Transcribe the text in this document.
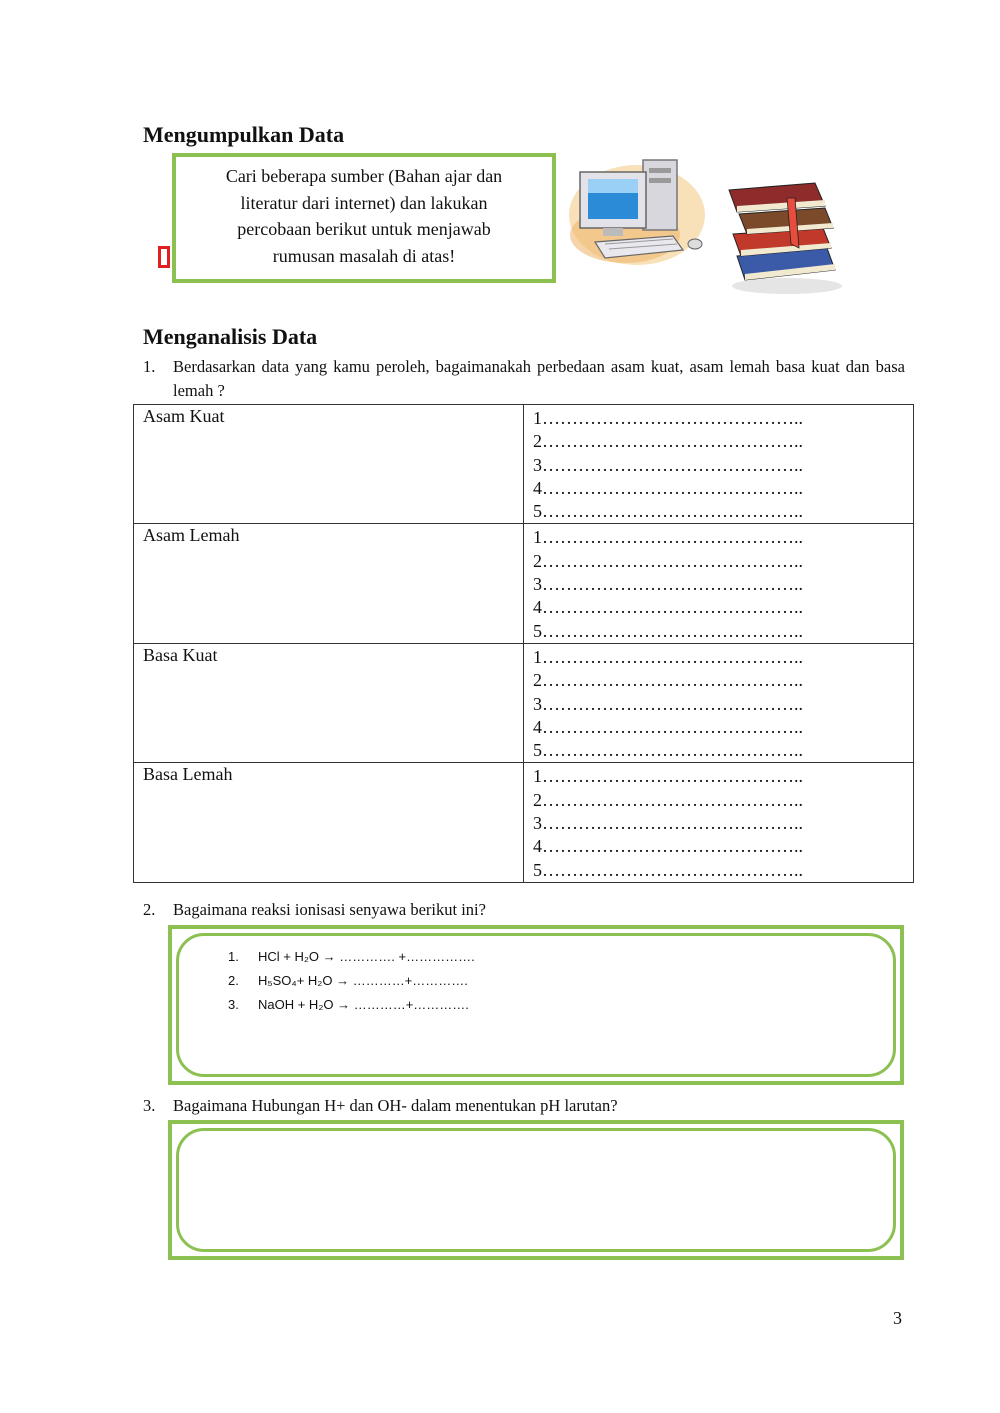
Mengumpulkan Data
Cari beberapa sumber (Bahan ajar dan
literatur dari internet) dan lakukan
percobaan berikut untuk menjawab
rumusan masalah di atas!
Menganalisis Data
1. Berdasarkan data yang kamu peroleh, bagaimanakah perbedaan asam kuat, asam lemah basa kuat dan basa lemah ?
Asam Kuat	1……………………………………..
2……………………………………..
3……………………………………..
4……………………………………..
5……………………………………..

Asam Lemah	1……………………………………..
2……………………………………..
3……………………………………..
4……………………………………..
5……………………………………..

Basa Kuat	1……………………………………..
2……………………………………..
3……………………………………..
4……………………………………..
5……………………………………..

Basa Lemah	1……………………………………..
2……………………………………..
3……………………………………..
4……………………………………..
5……………………………………..
2. Bagaimana reaksi ionisasi senyawa berikut ini?
1.	HCl + H₂O → …………. +…………….
2.	H₅SO₄+ H₂O → …………+………….
3.	NaOH + H₂O → …………+………….
3. Bagaimana Hubungan H+ dan OH- dalam menentukan pH larutan?
3
